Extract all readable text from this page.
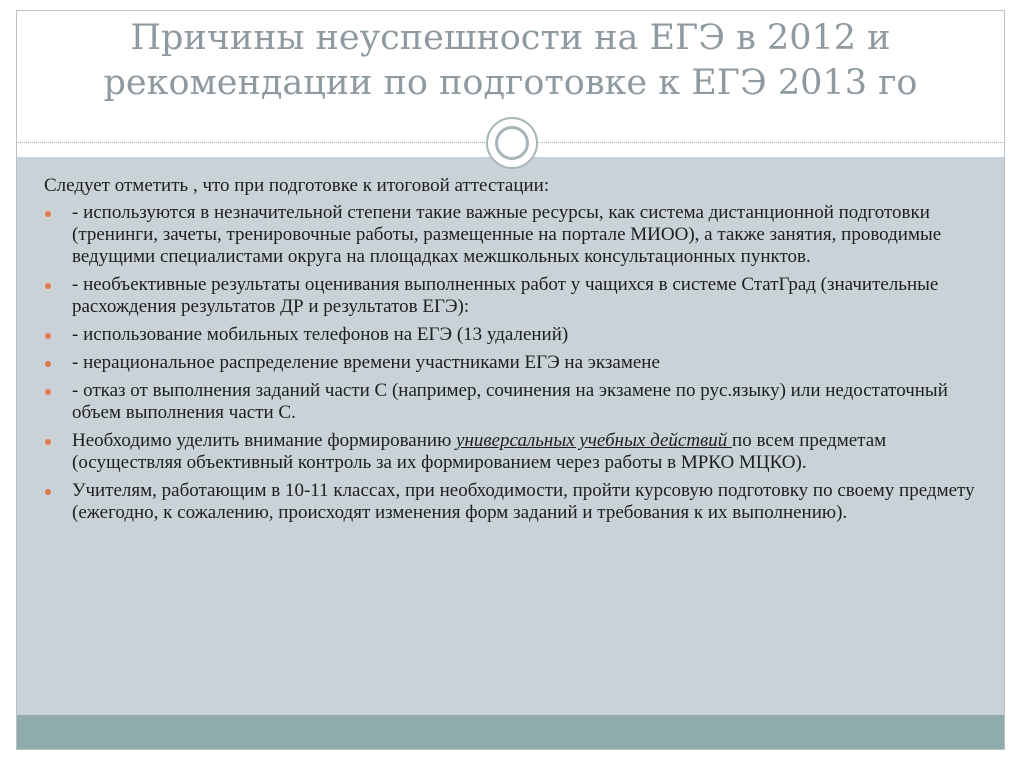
Причины неуспешности на ЕГЭ в 2012 и рекомендации по подготовке к ЕГЭ 2013 го

Следует отметить , что при подготовке к итоговой аттестации:

- используются в незначительной степени такие важные ресурсы, как система дистанционной подготовки (тренинги, зачеты, тренировочные работы, размещенные на портале МИОО), а также занятия, проводимые ведущими специалистами округа на площадках межшкольных консультационных пунктов.
- необъективные результаты оценивания выполненных работ у чащихся в системе СтатГрад (значительные расхождения результатов ДР и результатов ЕГЭ):
- использование мобильных телефонов на ЕГЭ (13 удалений)
- нерациональное распределение времени участниками ЕГЭ на экзамене
- отказ от выполнения заданий части С (например, сочинения на экзамене по рус.языку) или недостаточный объем выполнения части С.
Необходимо уделить внимание формированию универсальных учебных действий по всем предметам (осуществляя объективный контроль за их формированием через работы в МРКО МЦКО).
Учителям, работающим в 10-11 классах, при необходимости, пройти курсовую подготовку по своему предмету (ежегодно, к сожалению, происходят изменения форм заданий и требования к их выполнению).
